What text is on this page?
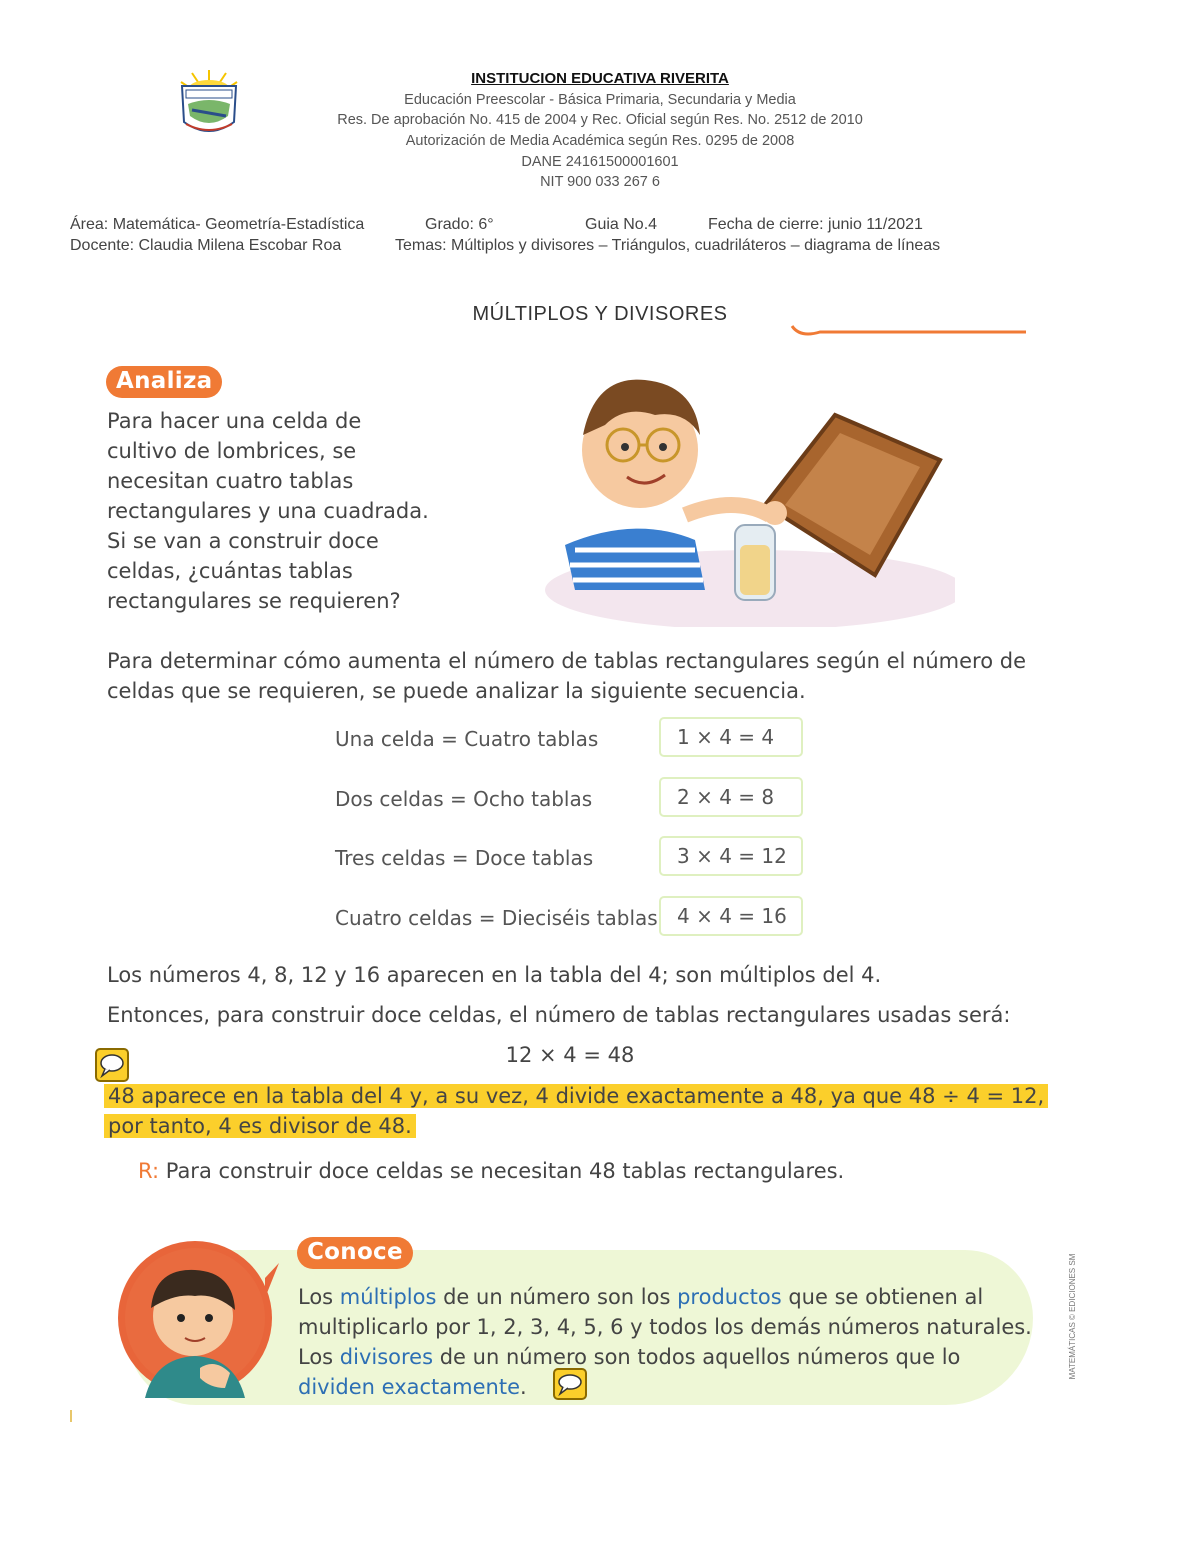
INSTITUCION EDUCATIVA RIVERITA
Educación Preescolar - Básica Primaria, Secundaria y Media
Res. De aprobación No. 415 de 2004 y Rec. Oficial según Res. No. 2512 de 2010
Autorización de Media Académica según Res. 0295 de 2008
DANE 24161500001601
NIT 900 033 267 6
Área: Matemática- Geometría-Estadística	Grado: 6°	Guia No.4	Fecha de cierre: junio 11/2021
Docente: Claudia Milena Escobar Roa	Temas: Múltiplos y divisores – Triángulos, cuadriláteros – diagrama de líneas
MÚLTIPLOS Y DIVISORES
Analiza
Para hacer una celda de
cultivo de lombrices, se
necesitan cuatro tablas
rectangulares y una cuadrada.
Si se van a construir doce
celdas, ¿cuántas tablas
rectangulares se requieren?
Para determinar cómo aumenta el número de tablas rectangulares según el número de
celdas que se requieren, se puede analizar la siguiente secuencia.
Una celda = Cuatro tablas	1 × 4 = 4
Dos celdas = Ocho tablas	2 × 4 = 8
Tres celdas = Doce tablas	3 × 4 = 12
Cuatro celdas = Dieciséis tablas 4 × 4 = 16
Los números 4, 8, 12 y 16 aparecen en la tabla del 4; son múltiplos del 4.
Entonces, para construir doce celdas, el número de tablas rectangulares usadas será:
12 × 4 = 48
48 aparece en la tabla del 4 y, a su vez, 4 divide exactamente a 48, ya que 48 ÷ 4 = 12,
por tanto, 4 es divisor de 48.
R: Para construir doce celdas se necesitan 48 tablas rectangulares.
Conoce
Los múltiplos de un número son los productos que se obtienen al
multiplicarlo por 1, 2, 3, 4, 5, 6 y todos los demás números naturales.
Los divisores de un número son todos aquellos números que lo
dividen exactamente.
MATEMÁTICAS © EDICIONES SM
